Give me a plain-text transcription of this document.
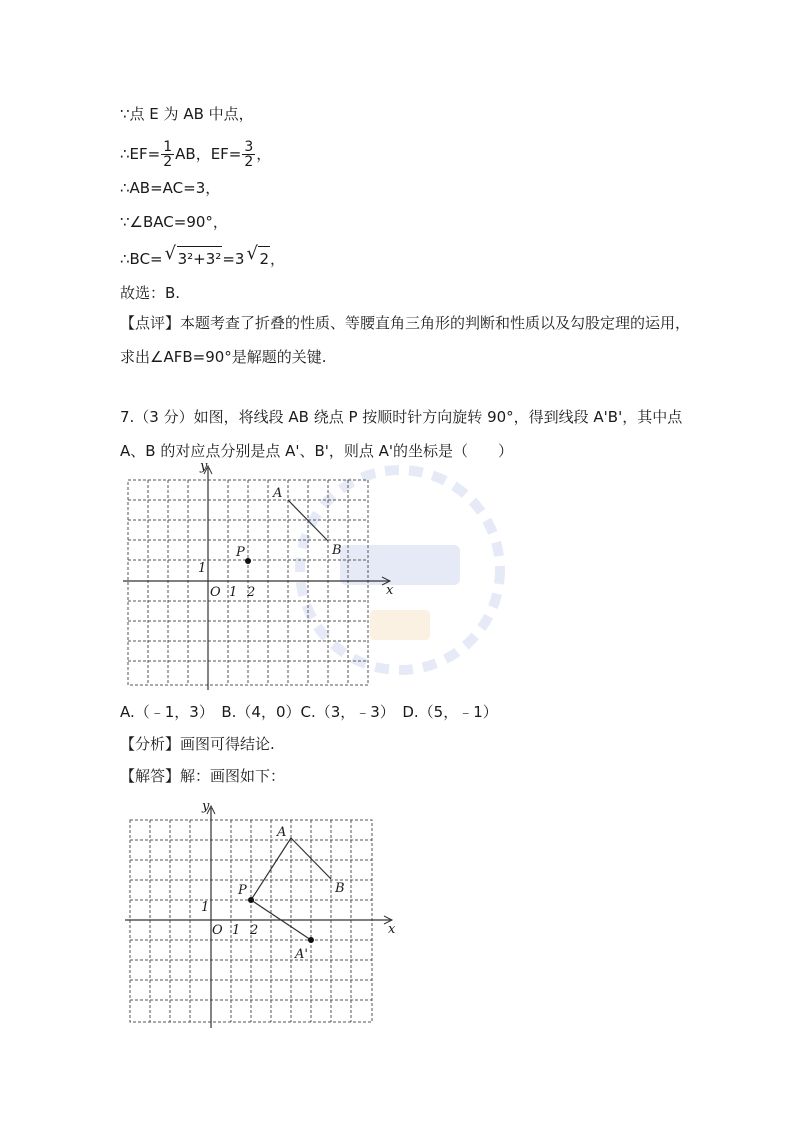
∵点 E 为 AB 中点，
∴EF= $\frac{1}{2}$ AB，$EF= \frac{3}{2}$ ，
∴AB=AC=3，
∵∠BAC=90°，
∴BC= √ 3²+3²=3 √ 2，
故选：B.
【点评】本题考查了折叠的性质、等腰直角三角形的判断和性质以及勾股定理的运用，求出∠AFB=90°是解题的关键.
7.（3 分）如图，将线段 AB 绕点 P 按顺时针方向旋转 90°，得到线段 A'B'，其中点 A、B 的对应点分别是点 A'、B'，则点 A'的坐标是（　　）
y
x
O 1 2
1
A
B
P
A.（﹣1，3）　B.（4，0）C.（3，﹣3）　D.（5，﹣1）
【分析】画图可得结论.
【解答】解：画图如下：
y
x
O 1 2
1
A
B
P
A'
